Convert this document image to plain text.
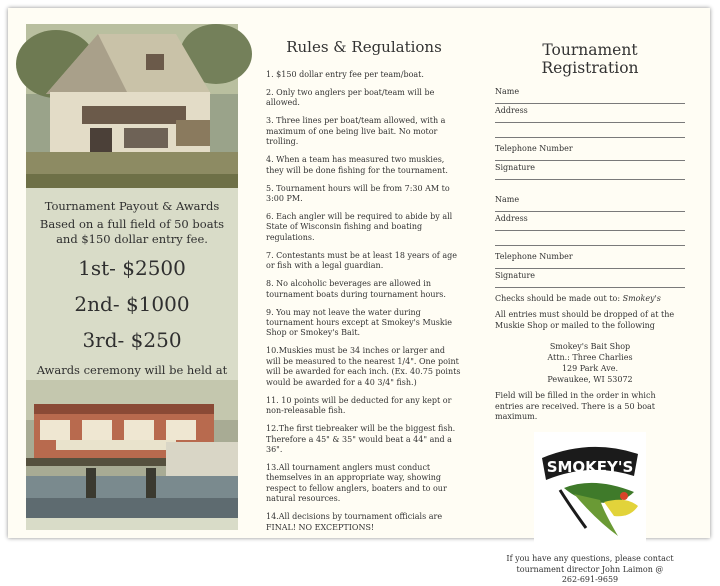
Tournament Payout & Awards
Based on a full field of 50 boats and $150 dollar entry fee.
1st- $2500
2nd- $1000
3rd- $250
Awards ceremony will be held at
Rules & Regulations
1. $150 dollar entry fee per team/boat.
2. Only two anglers per boat/team will be allowed.
3. Three lines per boat/team allowed, with a maximum of one being live bait. No motor trolling.
4. When a team has measured two muskies, they will be done fishing for the tournament.
5. Tournament hours will be from 7:30 AM to 3:00 PM.
6. Each angler will be required to abide by all State of Wisconsin fishing and boating regulations.
7. Contestants must be at least 18 years of age or fish with a legal guardian.
8. No alcoholic beverages are allowed in tournament boats during tournament hours.
9. You may not leave the water during tournament hours except at Smokey's Muskie Shop or Smokey's Bait.
10.Muskies must be 34 inches or larger and will be measured to the nearest 1/4". One point will be awarded for each inch. (Ex. 40.75 points would be awarded for a 40 3/4" fish.)
11. 10 points will be deducted for any kept or non-releasable fish.
12.The first tiebreaker will be the biggest fish. Therefore a 45" & 35" would beat a 44" and a 36".
13.All tournament anglers must conduct themselves in an appropriate way, showing respect to fellow anglers, boaters and to our natural resources.
14.All decisions by tournament officials are FINAL! NO EXCEPTIONS!
Tournament Registration
Name
Address
Telephone Number
Signature
Name
Address
Telephone Number
Signature
Checks should be made out to: Smokey's
All entries must should be dropped of at the Muskie Shop or mailed to the following
Smokey's Bait Shop
Attn.: Three Charlies
129 Park Ave.
Pewaukee, WI 53072
Field will be filled in the order in which entries are received. There is a 50 boat maximum.
SMOKEY'S
If you have any questions, please contact tournament director John Laimon @
262-691-9659
